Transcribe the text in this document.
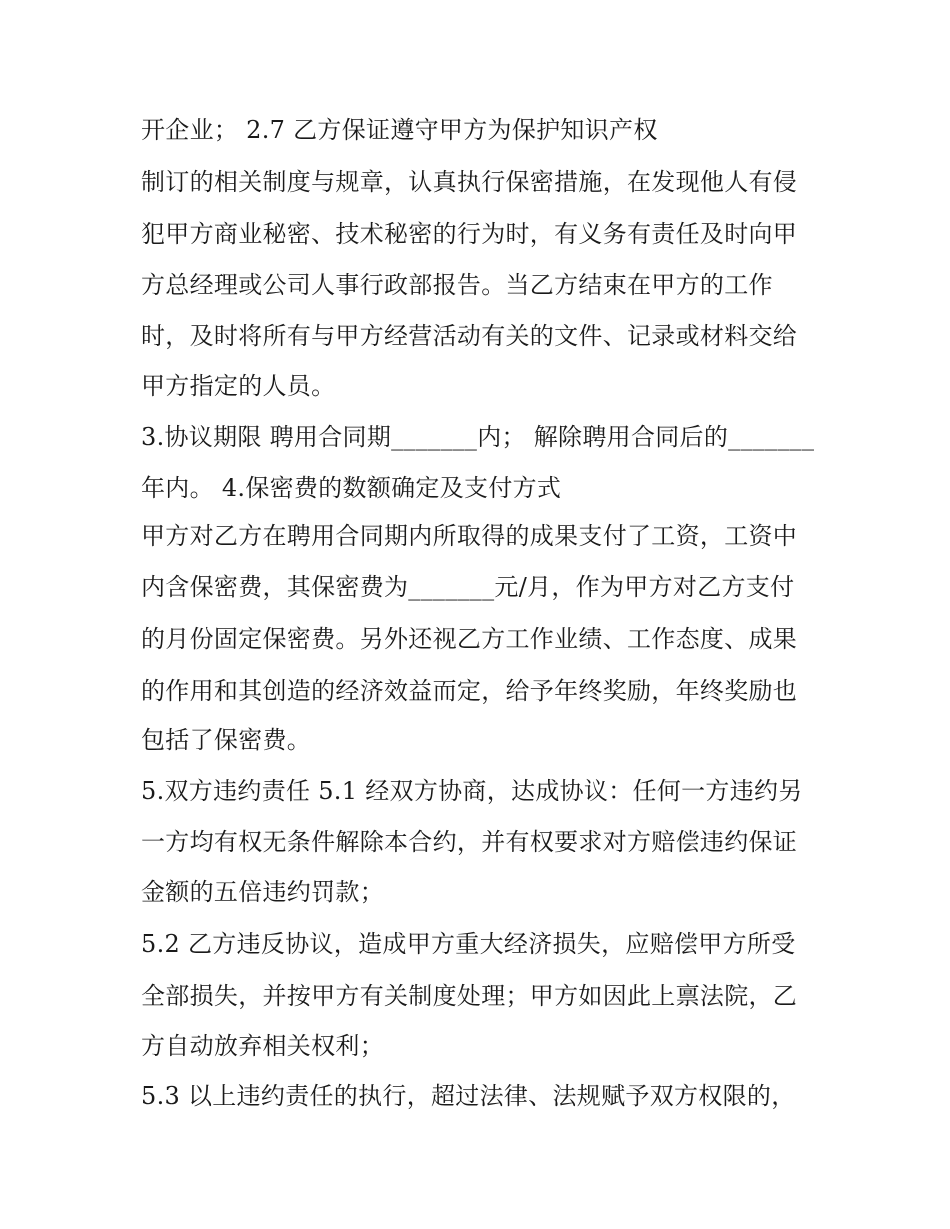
开企业； 2.7 乙方保证遵守甲方为保护知识产权
制订的相关制度与规章，认真执行保密措施，在发现他人有侵
犯甲方商业秘密、技术秘密的行为时，有义务有责任及时向甲
方总经理或公司人事行政部报告。当乙方结束在甲方的工作
时，及时将所有与甲方经营活动有关的文件、记录或材料交给
甲方指定的人员。
3.协议期限 聘用合同期_______内； 解除聘用合同后的_______
年内。 4.保密费的数额确定及支付方式
甲方对乙方在聘用合同期内所取得的成果支付了工资，工资中
内含保密费，其保密费为_______元/月，作为甲方对乙方支付
的月份固定保密费。另外还视乙方工作业绩、工作态度、成果
的作用和其创造的经济效益而定，给予年终奖励，年终奖励也
包括了保密费。
5.双方违约责任 5.1 经双方协商，达成协议：任何一方违约另
一方均有权无条件解除本合约，并有权要求对方赔偿违约保证
金额的五倍违约罚款；
5.2 乙方违反协议，造成甲方重大经济损失，应赔偿甲方所受
全部损失，并按甲方有关制度处理；甲方如因此上禀法院，乙
方自动放弃相关权利；
5.3 以上违约责任的执行，超过法律、法规赋予双方权限的，
